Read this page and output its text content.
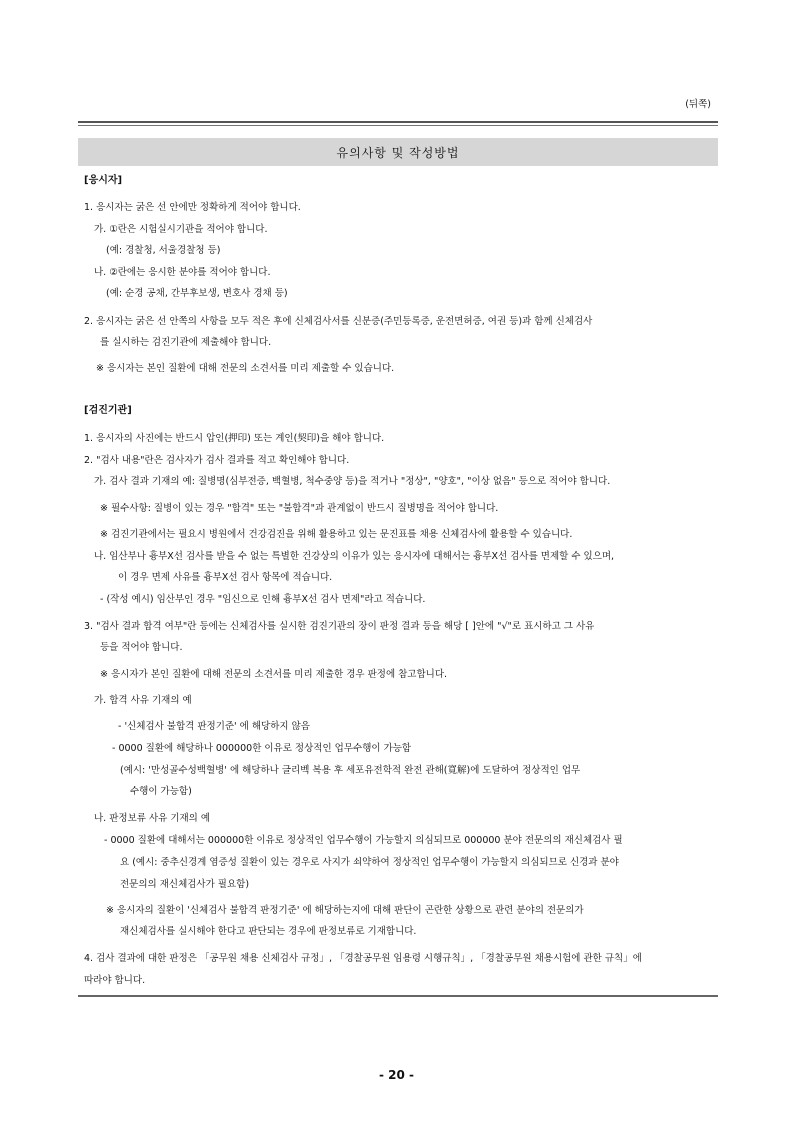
(뒤쪽)
유의사항 및 작성방법
[응시자]
1. 응시자는 굵은 선 안에만 정확하게 적어야 합니다.
가. ①란은 시험실시기관을 적어야 합니다.
(예: 경찰청, 서울경찰청 등)
나. ②란에는 응시한 분야를 적어야 합니다.
(예: 순경 공채, 간부후보생, 변호사 경채 등)
2. 응시자는 굵은 선 안쪽의 사항을 모두 적은 후에 신체검사서를 신분증(주민등록증, 운전면허증, 여권 등)과 함께 신체검사
를 실시하는 검진기관에 제출해야 합니다.
※ 응시자는 본인 질환에 대해 전문의 소견서를 미리 제출할 수 있습니다.
[검진기관]
1. 응시자의 사진에는 반드시 압인(押印) 또는 계인(契印)을 해야 합니다.
2. "검사 내용"란은 검사자가 검사 결과를 적고 확인해야 합니다.
가. 검사 결과 기재의 예: 질병명(심부전증, 백혈병, 척수중양 등)을 적거나 "정상", "양호", "이상 없음" 등으로 적어야 합니다.
※ 필수사항: 질병이 있는 경우 "합격" 또는 "불합격"과 관계없이 반드시 질병명을 적어야 합니다.
※ 검진기관에서는 필요시 병원에서 건강검진을 위해 활용하고 있는 문진표를 채용 신체검사에 활용할 수 있습니다.
나. 임산부나 흉부X선 검사를 받을 수 없는 특별한 건강상의 이유가 있는 응시자에 대해서는 흉부X선 검사를 면제할 수 있으며,
이 경우 면제 사유를 흉부X선 검사 항목에 적습니다.
- (작성 예시) 임산부인 경우 "임신으로 인해 흉부X선 검사 면제"라고 적습니다.
3. "검사 결과 합격 여부"란 등에는 신체검사를 실시한 검진기관의 장이 판정 결과 등을 해당 [ ]안에 "√"로 표시하고 그 사유
등을 적어야 합니다.
※ 응시자가 본인 질환에 대해 전문의 소견서를 미리 제출한 경우 판정에 참고합니다.
가. 합격 사유 기재의 예
- '신체검사 불합격 판정기준' 에 해당하지 않음
- 0000 질환에 해당하나 000000한 이유로 정상적인 업무수행이 가능함
(예시: '만성골수성백혈병' 에 해당하나 글리벡 복용 후 세포유전학적 완전 관해(寬解)에 도달하여 정상적인 업무
수행이 가능함)
나. 판정보류 사유 기재의 예
- 0000 질환에 대해서는 000000한 이유로 정상적인 업무수행이 가능할지 의심되므로 000000 분야 전문의의 재신체검사 필
요 (예시: 중추신경계 염증성 질환이 있는 경우로 사지가 쇠약하여 정상적인 업무수행이 가능할지 의심되므로 신경과 분야
전문의의 재신체검사가 필요함)
※ 응시자의 질환이 '신체검사 불합격 판정기준' 에 해당하는지에 대해 판단이 곤란한 상황으로 관련 분야의 전문의가
재신체검사를 실시해야 한다고 판단되는 경우에 판정보류로 기재합니다.
4. 검사 결과에 대한 판정은 「공무원 채용 신체검사 규정」, 「경찰공무원 임용령 시행규칙」, 「경찰공무원 채용시험에 관한 규칙」에
따라야 합니다.
- 20 -
